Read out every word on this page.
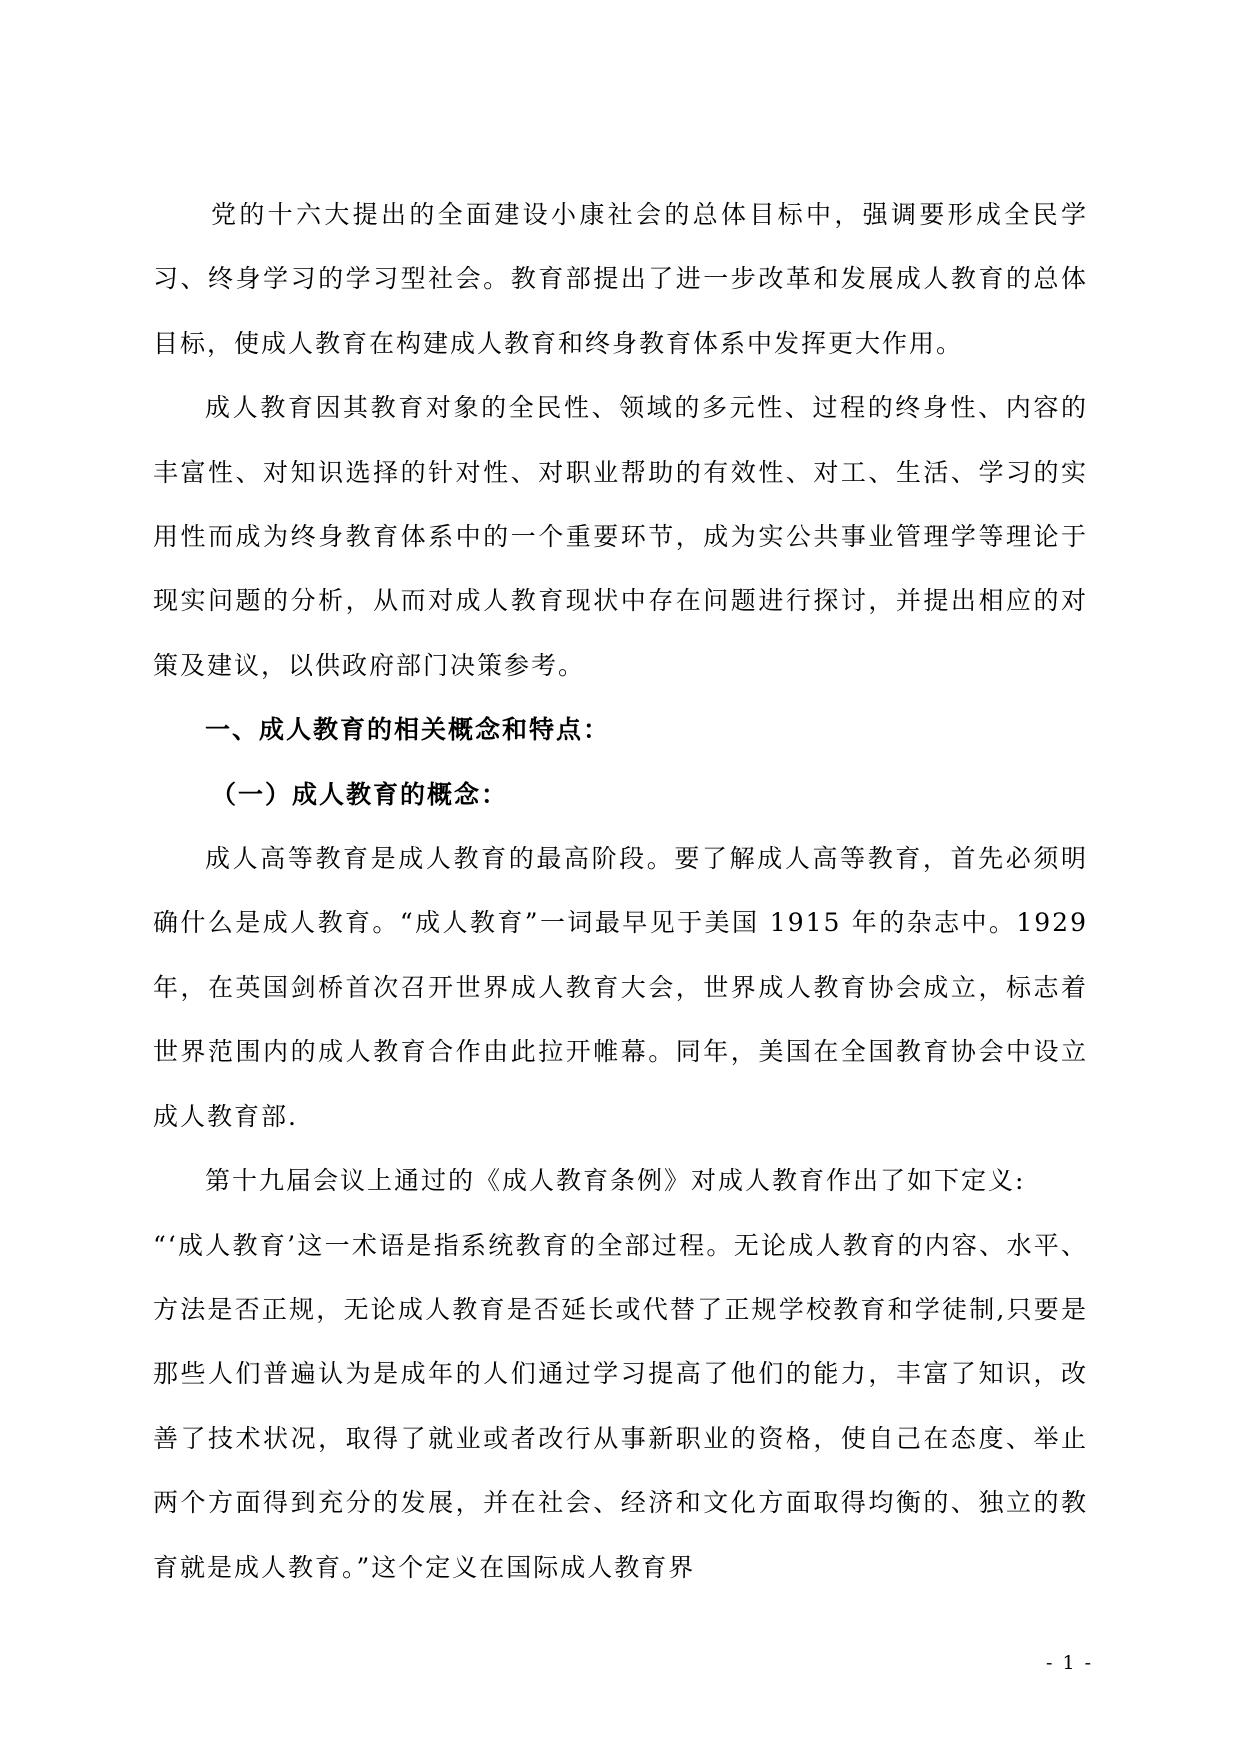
党的十六大提出的全面建设小康社会的总体目标中，强调要形成全民学习、终身学习的学习型社会。教育部提出了进一步改革和发展成人教育的总体目标，使成人教育在构建成人教育和终身教育体系中发挥更大作用。

成人教育因其教育对象的全民性、领域的多元性、过程的终身性、内容的丰富性、对知识选择的针对性、对职业帮助的有效性、对工、生活、学习的实用性而成为终身教育体系中的一个重要环节，成为实公共事业管理学等理论于现实问题的分析，从而对成人教育现状中存在问题进行探讨，并提出相应的对策及建议，以供政府部门决策参考。

一、成人教育的相关概念和特点：
（一）成人教育的概念：

成人高等教育是成人教育的最高阶段。要了解成人高等教育，首先必须明确什么是成人教育。“成人教育”一词最早见于美国 1915 年的杂志中。1929 年，在英国剑桥首次召开世界成人教育大会，世界成人教育协会成立，标志着世界范围内的成人教育合作由此拉开帷幕。同年，美国在全国教育协会中设立成人教育部.

第十九届会议上通过的《成人教育条例》对成人教育作出了如下定义:

“‘成人教育’这一术语是指系统教育的全部过程。无论成人教育的内容、水平、方法是否正规，无论成人教育是否延长或代替了正规学校教育和学徒制,只要是那些人们普遍认为是成年的人们通过学习提高了他们的能力，丰富了知识，改善了技术状况，取得了就业或者改行从事新职业的资格，使自己在态度、举止两个方面得到充分的发展，并在社会、经济和文化方面取得均衡的、独立的教育就是成人教育。”这个定义在国际成人教育界

- 1 -
